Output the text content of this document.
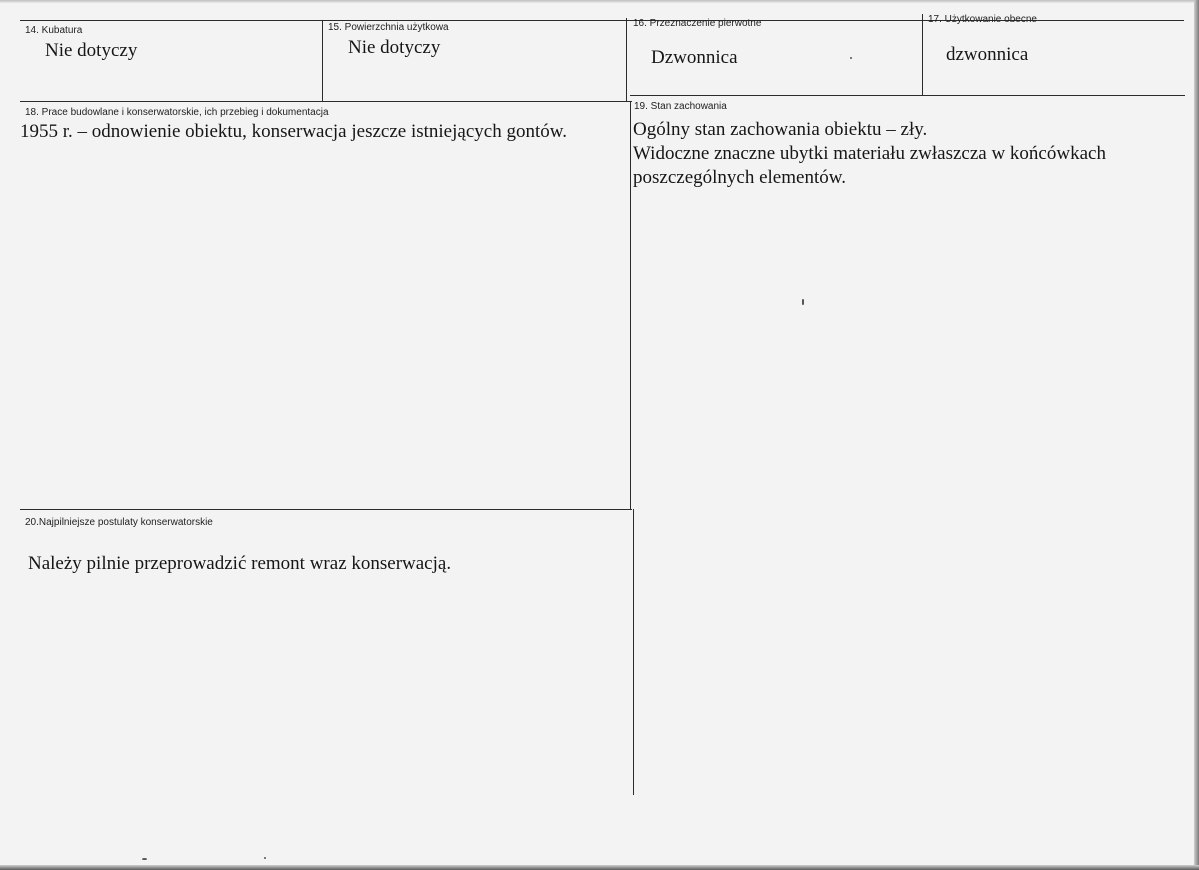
14. Kubatura
Nie dotyczy
15. Powierzchnia użytkowa
Nie dotyczy
16. Przeznaczenie pierwotne
Dzwonnica
17. Użytkowanie obecne
dzwonnica
18. Prace budowlane i konserwatorskie, ich przebieg i dokumentacja
1955 r. – odnowienie obiektu, konserwacja jeszcze istniejących gontów.
19. Stan zachowania
Ogólny stan zachowania obiektu – zły.
Widoczne znaczne ubytki materiału zwłaszcza w końcówkach
poszczególnych elementów.
20.Najpilniejsze postulaty konserwatorskie
Należy pilnie przeprowadzić remont wraz konserwacją.
